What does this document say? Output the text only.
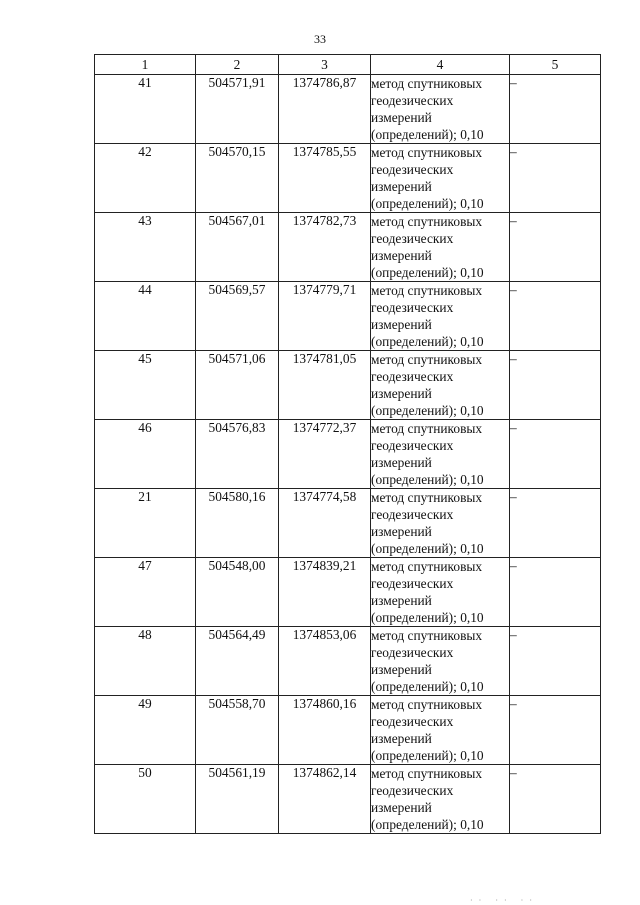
33
1	2	3	4	5
41	504571,91	1374786,87	метод спутниковых
геодезических
измерений
(определений); 0,10	–
42	504570,15	1374785,55	метод спутниковых
геодезических
измерений
(определений); 0,10	–
43	504567,01	1374782,73	метод спутниковых
геодезических
измерений
(определений); 0,10	–
44	504569,57	1374779,71	метод спутниковых
геодезических
измерений
(определений); 0,10	–
45	504571,06	1374781,05	метод спутниковых
геодезических
измерений
(определений); 0,10	–
46	504576,83	1374772,37	метод спутниковых
геодезических
измерений
(определений); 0,10	–
21	504580,16	1374774,58	метод спутниковых
геодезических
измерений
(определений); 0,10	–
47	504548,00	1374839,21	метод спутниковых
геодезических
измерений
(определений); 0,10	–
48	504564,49	1374853,06	метод спутниковых
геодезических
измерений
(определений); 0,10	–
49	504558,70	1374860,16	метод спутниковых
геодезических
измерений
(определений); 0,10	–
50	504561,19	1374862,14	метод спутниковых
геодезических
измерений
(определений); 0,10	–
·· ·· ··
